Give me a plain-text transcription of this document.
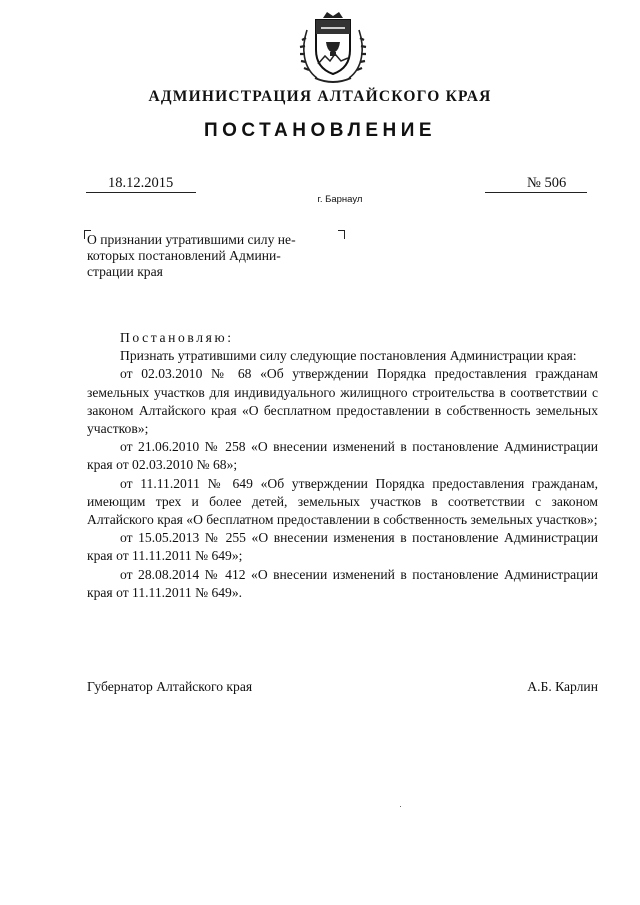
АДМИНИСТРАЦИЯ АЛТАЙСКОГО КРАЯ
ПОСТАНОВЛЕНИЕ
18.12.2015	№ 506
г. Барнаул
О признании утратившими силу не-
которых постановлений Админи-
страции края

Постановляю:

Признать утратившими силу следующие постановления Администрации края:

от 02.03.2010 № 68 «Об утверждении Порядка предоставления гражданам земельных участков для индивидуального жилищного строительства в соответствии с законом Алтайского края «О бесплатном предоставлении в собственность земельных участков»;

от 21.06.2010 № 258 «О внесении изменений в постановление Администрации края от 02.03.2010 № 68»;

от 11.11.2011 № 649 «Об утверждении Порядка предоставления гражданам, имеющим трех и более детей, земельных участков в соответствии с законом Алтайского края «О бесплатном предоставлении в собственность земельных участков»;

от 15.05.2013 № 255 «О внесении изменения в постановление Администрации края от 11.11.2011 № 649»;

от 28.08.2014 № 412 «О внесении изменений в постановление Администрации края от 11.11.2011 № 649».

Губернатор Алтайского края	А.Б. Карлин
